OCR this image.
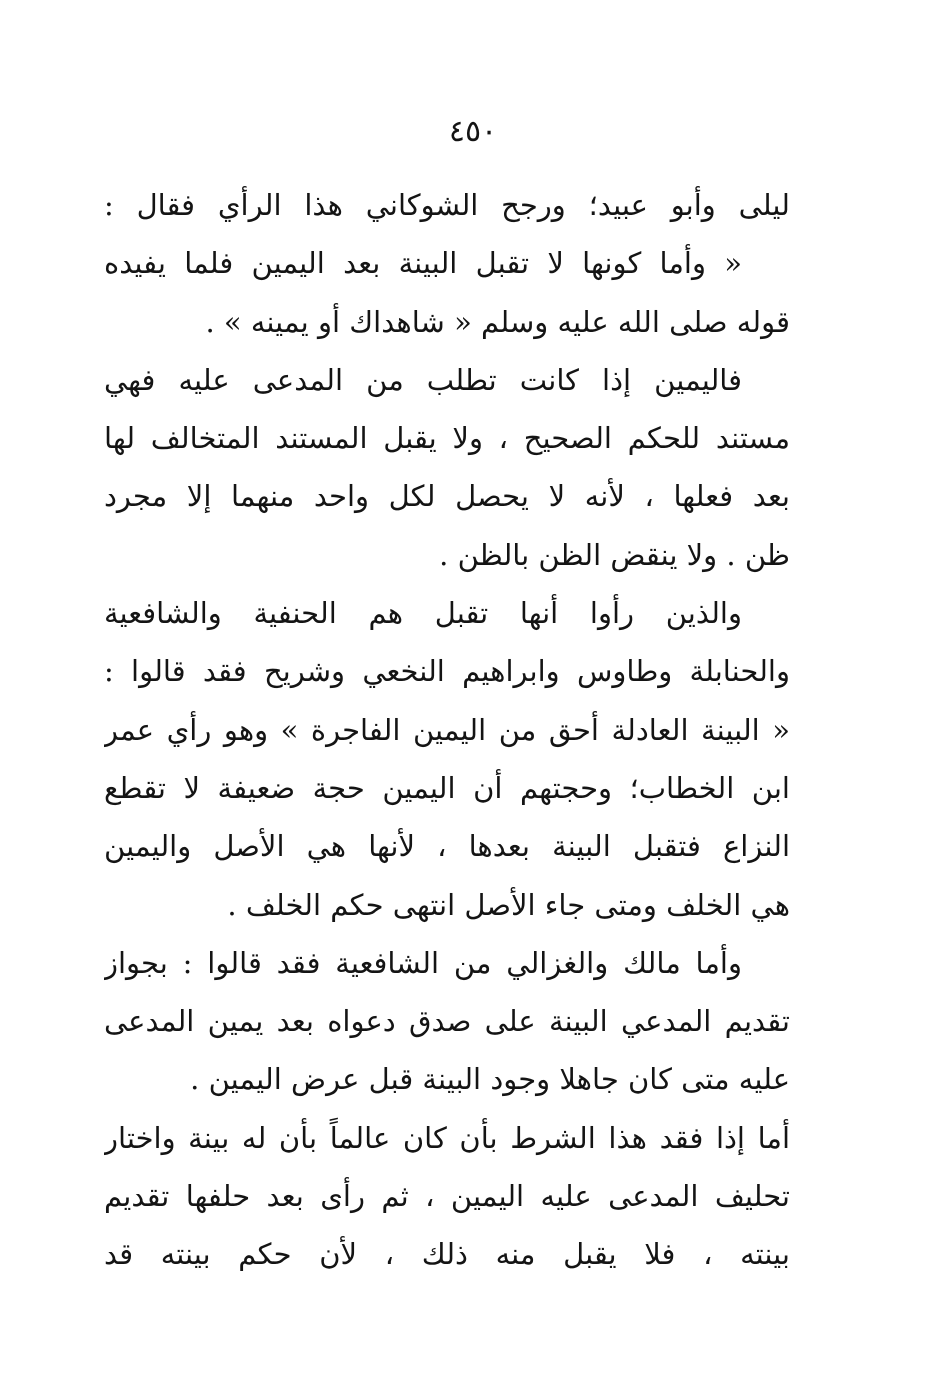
٤٥٠
ليلى وأبو عبيد؛ ورجح الشوكاني هذا الرأي فقال :
« وأما كونها لا تقبل البينة بعد اليمين فلما يفيده
قوله صلى الله عليه وسلم « شاهداك أو يمينه » .
فاليمين إذا كانت تطلب من المدعى عليه فهي
مستند للحكم الصحيح ، ولا يقبل المستند المتخالف لها
بعد فعلها ، لأنه لا يحصل لكل واحد منهما إلا مجرد
ظن . ولا ينقض الظن بالظن .
والذين رأوا أنها تقبل هم الحنفية والشافعية
والحنابلة وطاوس وابراهيم النخعي وشريح فقد قالوا :
« البينة العادلة أحق من اليمين الفاجرة » وهو رأي عمر
ابن الخطاب؛ وحجتهم أن اليمين حجة ضعيفة لا تقطع
النزاع فتقبل البينة بعدها ، لأنها هي الأصل واليمين
هي الخلف ومتى جاء الأصل انتهى حكم الخلف .
وأما مالك والغزالي من الشافعية فقد قالوا : بجواز
تقديم المدعي البينة على صدق دعواه بعد يمين المدعى
عليه متى كان جاهلا وجود البينة قبل عرض اليمين .
أما إذا فقد هذا الشرط بأن كان عالماً بأن له بينة واختار
تحليف المدعى عليه اليمين ، ثم رأى بعد حلفها تقديم
بينته ، فلا يقبل منه ذلك ، لأن حكم بينته قد
